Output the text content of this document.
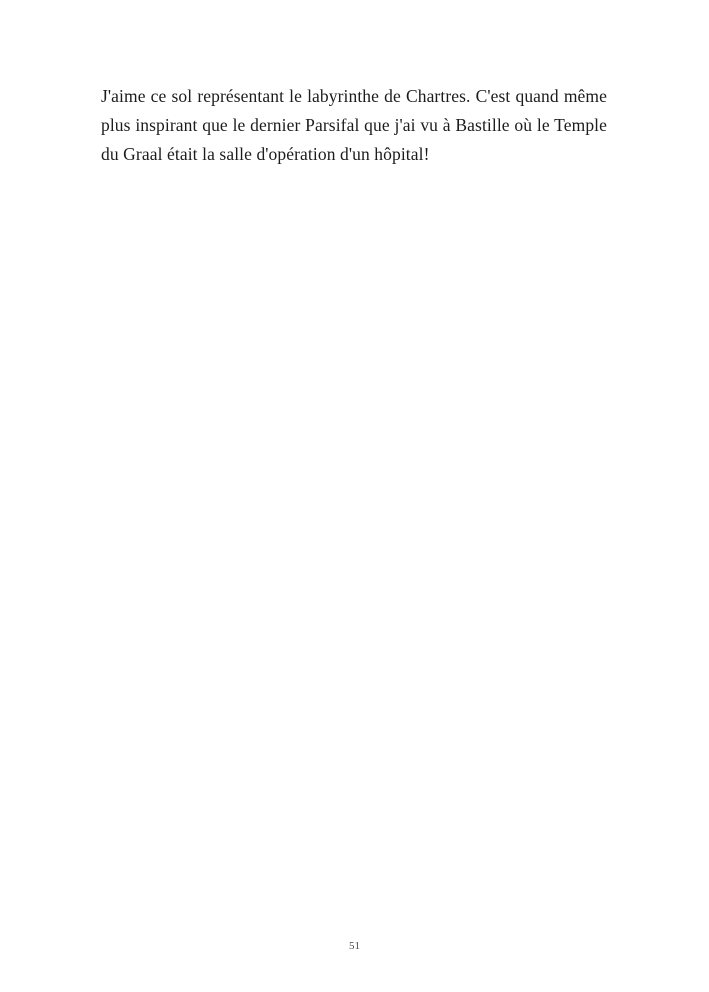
J'aime ce sol représentant le labyrinthe de Chartres. C'est quand même plus inspirant que le dernier Parsifal que j'ai vu à Bastille où le Temple du Graal était la salle d'opération d'un hôpital!

51
